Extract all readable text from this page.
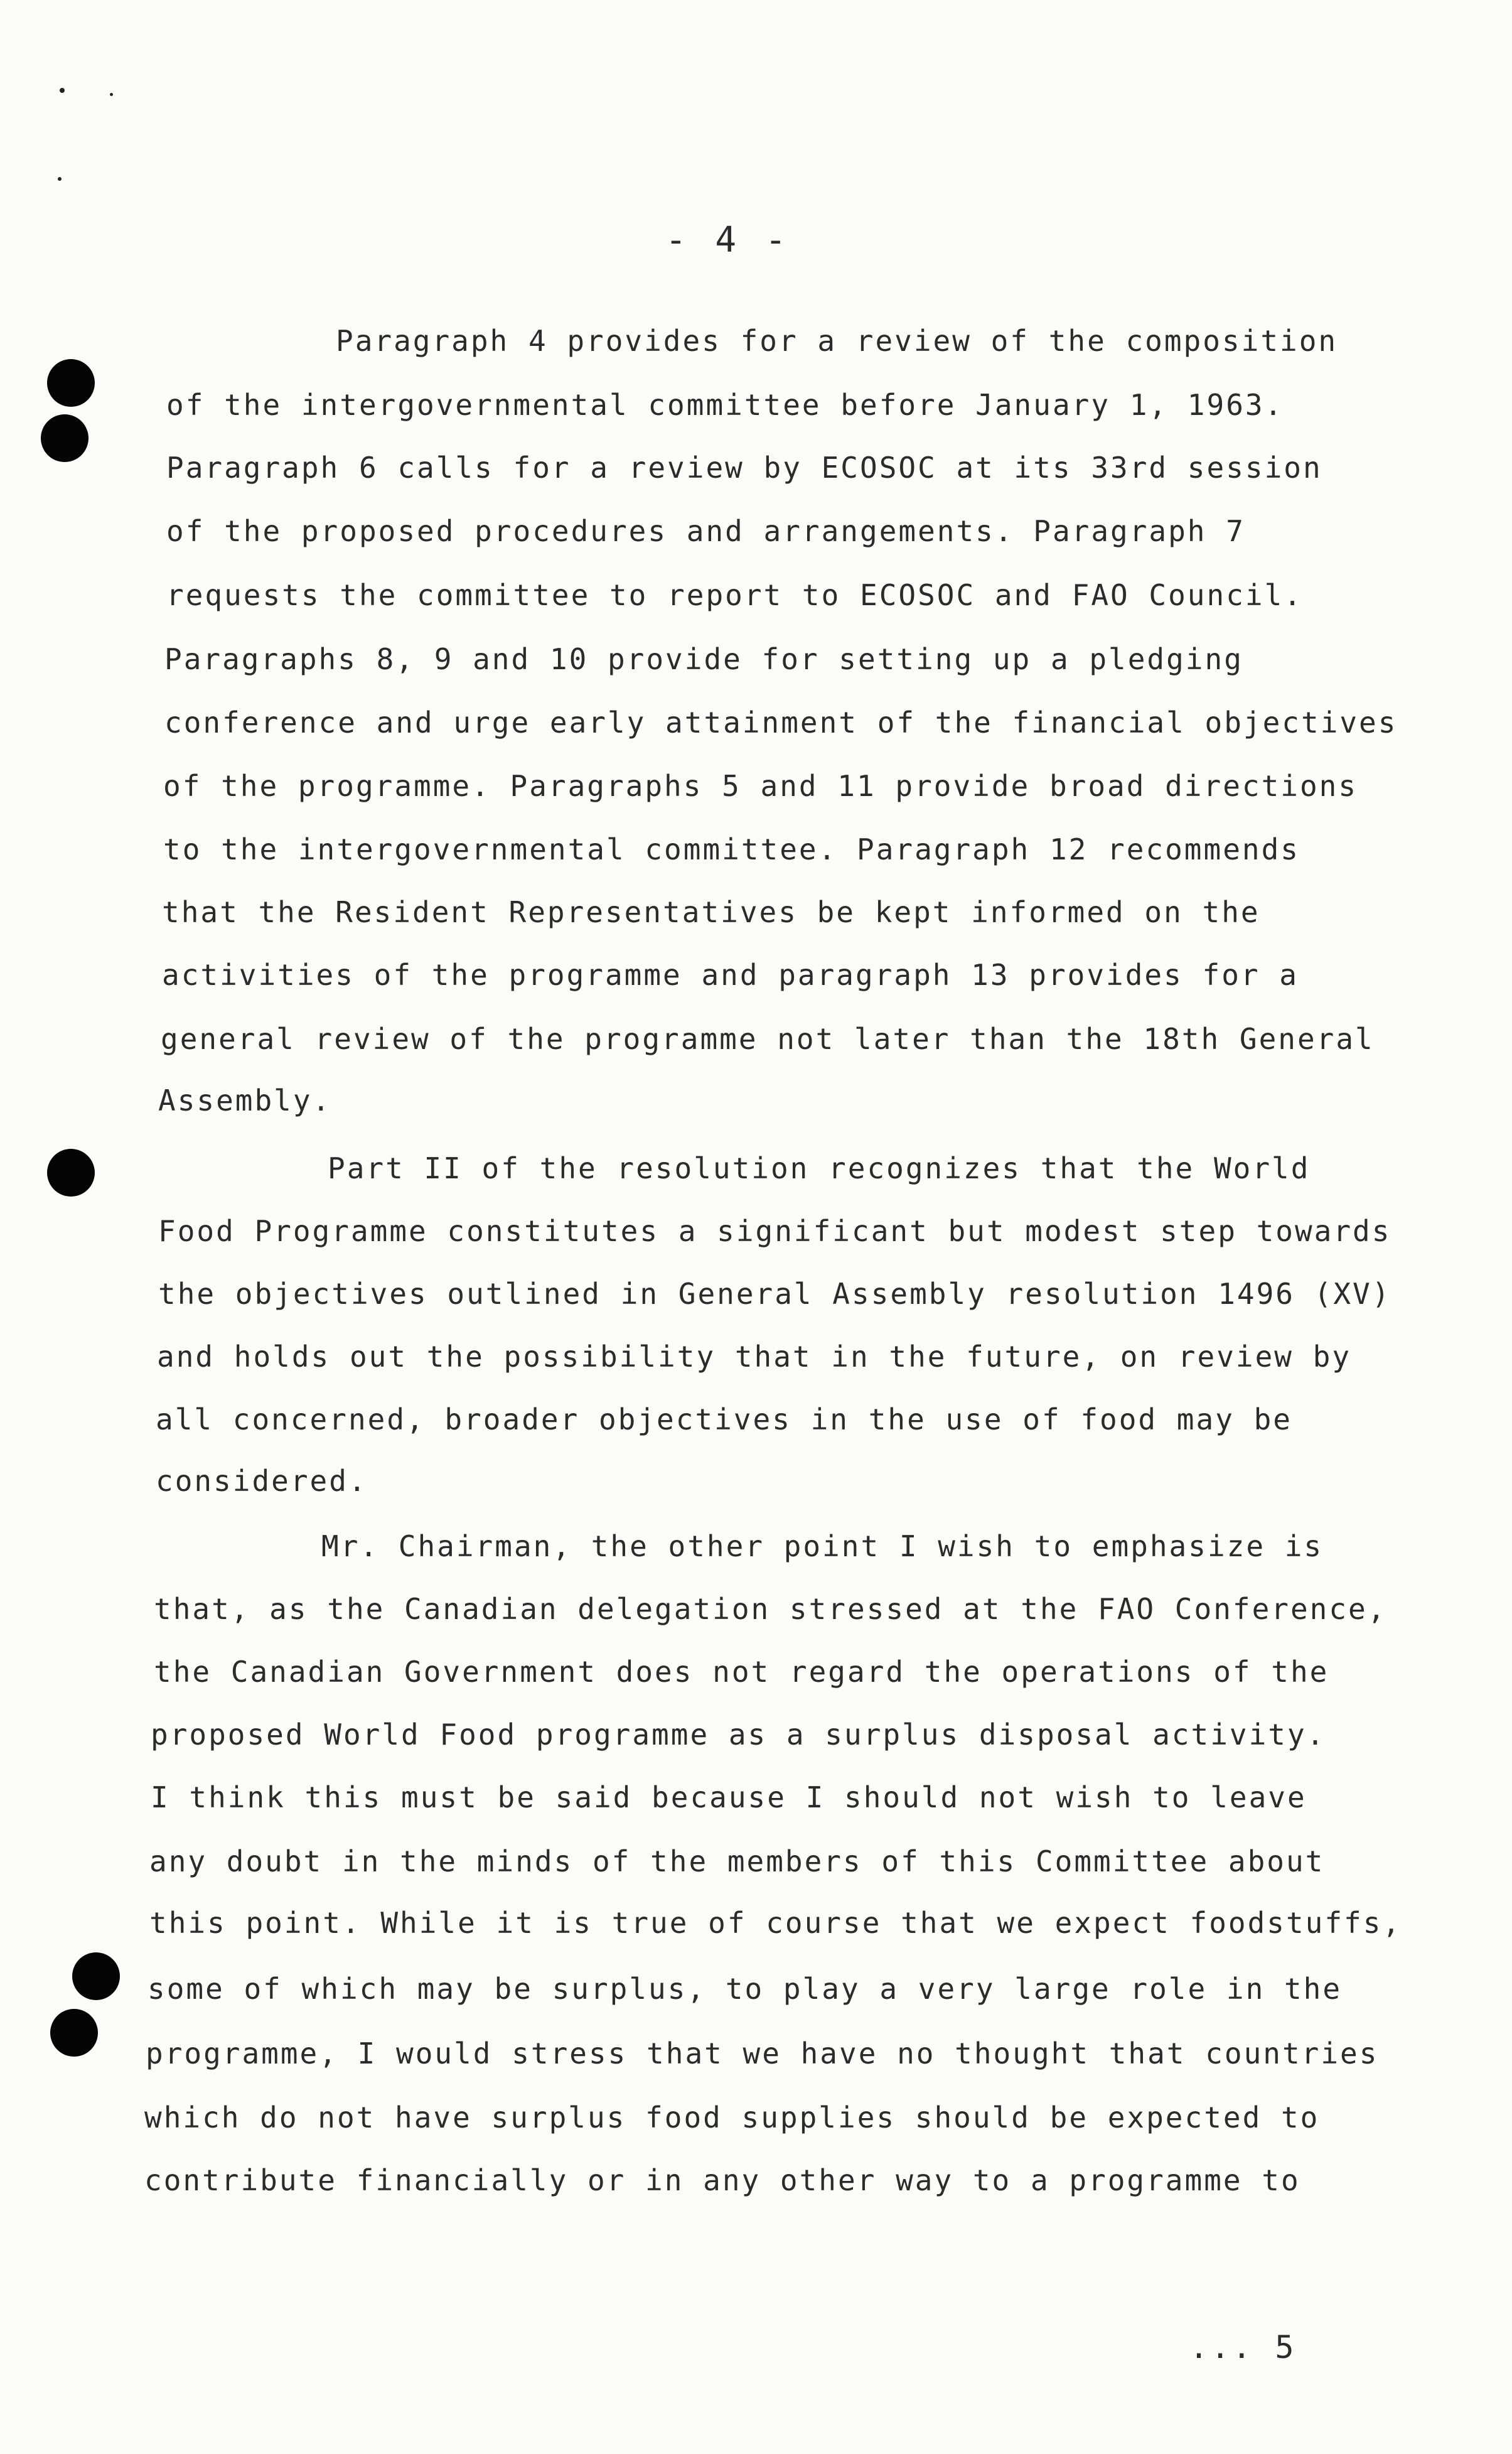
- 4 -
Paragraph 4 provides for a review of the composition
of the intergovernmental committee before January 1, 1963.
Paragraph 6 calls for a review by ECOSOC at its 33rd session
of the proposed procedures and arrangements. Paragraph 7
requests the committee to report to ECOSOC and FAO Council.
Paragraphs 8, 9 and 10 provide for setting up a pledging
conference and urge early attainment of the financial objectives
of the programme. Paragraphs 5 and 11 provide broad directions
to the intergovernmental committee. Paragraph 12 recommends
that the Resident Representatives be kept informed on the
activities of the programme and paragraph 13 provides for a
general review of the programme not later than the 18th General
Assembly.
Part II of the resolution recognizes that the World
Food Programme constitutes a significant but modest step towards
the objectives outlined in General Assembly resolution 1496 (XV)
and holds out the possibility that in the future, on review by
all concerned, broader objectives in the use of food may be
considered.
Mr. Chairman, the other point I wish to emphasize is
that, as the Canadian delegation stressed at the FAO Conference,
the Canadian Government does not regard the operations of the
proposed World Food programme as a surplus disposal activity.
I think this must be said because I should not wish to leave
any doubt in the minds of the members of this Committee about
this point. While it is true of course that we expect foodstuffs,
some of which may be surplus, to play a very large role in the
programme, I would stress that we have no thought that countries
which do not have surplus food supplies should be expected to
contribute financially or in any other way to a programme to
... 5
